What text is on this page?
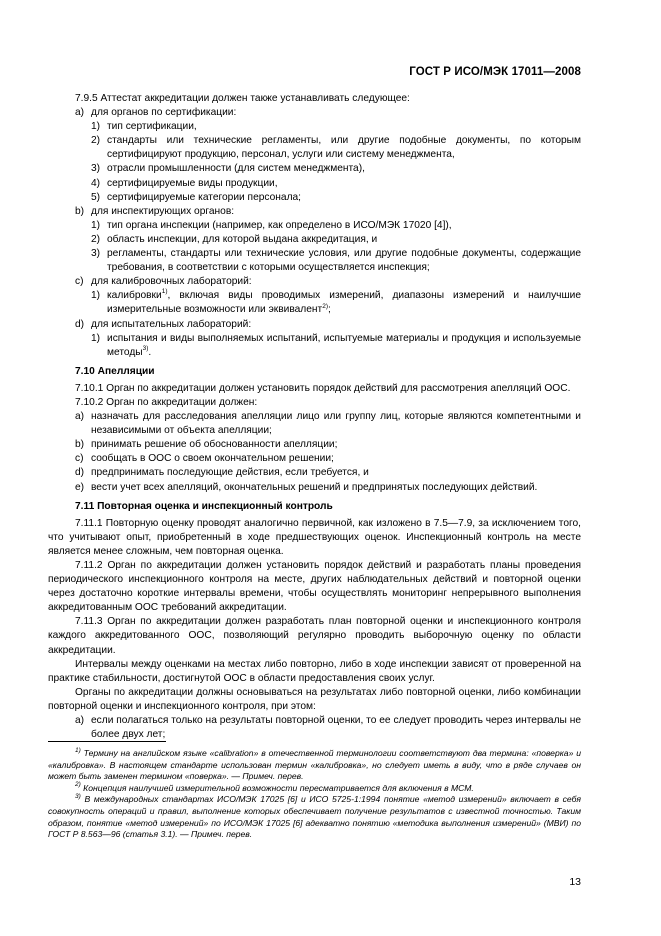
ГОСТ Р ИСО/МЭК 17011—2008

7.9.5 Аттестат аккредитации должен также устанавливать следующее:

a) для органов по сертификации:
1) тип сертификации,
2) стандарты или технические регламенты, или другие подобные документы, по которым сертифицируют продукцию, персонал, услуги или систему менеджмента,
3) отрасли промышленности (для систем менеджмента),
4) сертифицируемые виды продукции,
5) сертифицируемые категории персонала;
b) для инспектирующих органов:
1) тип органа инспекции (например, как определено в ИСО/МЭК 17020 [4]),
2) область инспекции, для которой выдана аккредитация, и
3) регламенты, стандарты или технические условия, или другие подобные документы, содержащие требования, в соответствии с которыми осуществляется инспекция;
c) для калибровочных лабораторий:
1) калибровки$^{1)}$, включая виды проводимых измерений, диапазоны измерений и наилучшие измерительные возможности или эквивалент$^{2)}$;
d) для испытательных лабораторий:
1) испытания и виды выполняемых испытаний, испытуемые материалы и продукция и используемые методы$^{3)}$.

7.10 Апелляции

7.10.1 Орган по аккредитации должен установить порядок действий для рассмотрения апелляций ООС.

7.10.2 Орган по аккредитации должен:

a) назначать для расследования апелляции лицо или группу лиц, которые являются компетентными и независимыми от объекта апелляции;
b) принимать решение об обоснованности апелляции;
c) сообщать в ООС о своем окончательном решении;
d) предпринимать последующие действия, если требуется, и
e) вести учет всех апелляций, окончательных решений и предпринятых последующих действий.

7.11 Повторная оценка и инспекционный контроль

7.11.1 Повторную оценку проводят аналогично первичной, как изложено в 7.5—7.9, за исключением того, что учитывают опыт, приобретенный в ходе предшествующих оценок. Инспекционный контроль на месте является менее сложным, чем повторная оценка.

7.11.2 Орган по аккредитации должен установить порядок действий и разработать планы проведения периодического инспекционного контроля на месте, других наблюдательных действий и повторной оценки через достаточно короткие интервалы времени, чтобы осуществлять мониторинг непрерывного выполнения аккредитованным ООС требований аккредитации.

7.11.3 Орган по аккредитации должен разработать план повторной оценки и инспекционного контроля каждого аккредитованного ООС, позволяющий регулярно проводить выборочную оценку по области аккредитации.

Интервалы между оценками на местах либо повторно, либо в ходе инспекции зависят от проверенной на практике стабильности, достигнутой ООС в области предоставления своих услуг.

Органы по аккредитации должны основываться на результатах либо повторной оценки, либо комбинации повторной оценки и инспекционного контроля, при этом:

a) если полагаться только на результаты повторной оценки, то ее следует проводить через интервалы не более двух лет;

$^{1)}$ Термину на английском языке «calibration» в отечественной терминологии соответствуют два термина: «поверка» и «калибровка». В настоящем стандарте использован термин «калибровка», но следует иметь в виду, что в ряде случаев он может быть заменен термином «поверка». — Примеч. перев.

$^{2)}$ Концепция наилучшей измерительной возможности пересматривается для включения в МСМ.

$^{3)}$ В международных стандартах ИСО/МЭК 17025 [6] и ИСО 5725-1:1994 понятие «метод измерений» включает в себя совокупность операций и правил, выполнение которых обеспечивает получение результатов с известной точностью. Таким образом, понятие «метод измерений» по ИСО/МЭК 17025 [6] адекватно понятию «методика выполнения измерений» (МВИ) по ГОСТ Р 8.563—96 (статья 3.1). — Примеч. перев.

13
